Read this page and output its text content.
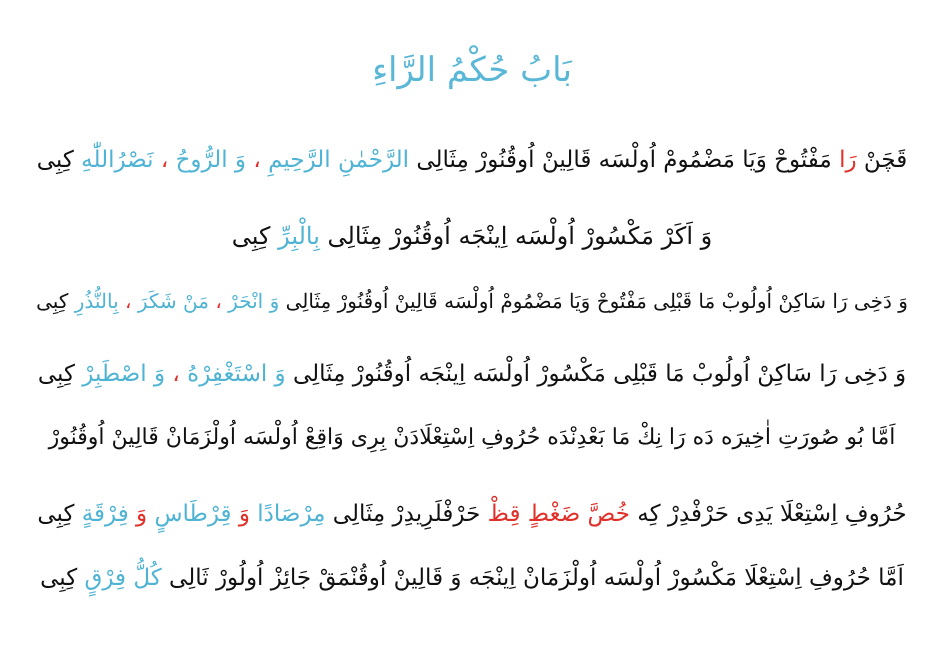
بَابُ حُكْمُ الرَّاءِ
قَچَنْ رَا مَفْتُوحْ وَيَا مَضْمُومْ اُولْسَه قَالِينْ اُوقُنُورْ مِثَالِى الرَّحْمٰنِ الرَّحِيمِ ، وَ الرُّوحُ ، نَصْرُاللّٰهِ كِبِى
وَ اَكَرْ مَكْسُورْ اُولْسَه اِينْجَه اُوقُنُورْ مِثَالِى بِالْبِرِّ كِبِى
وَ دَخِى رَا سَاكِنْ اُولُوبْ مَا قَبْلِى مَفْتُوحْ وَيَا مَضْمُومْ اُولْسَه قَالِينْ اُوقُنُورْ مِثَالِى وَ انْحَرْ ، مَنْ شَكَرَ ، بِالنُّذُرِ كِبِى
وَ دَخِى رَا سَاكِنْ اُولُوبْ مَا قَبْلِى مَكْسُورْ اُولْسَه اِينْجَه اُوقُنُورْ مِثَالِى وَ اسْتَغْفِرْهُ ، وَ اصْطَبِرْ كِبِى
اَمَّا بُو صُورَتِ اٰخِيرَه دَه رَا نِكْ مَا بَعْدِنْدَه حُرُوفِ اِسْتِعْلَادَنْ بِرِى وَاقِعْ اُولْسَه اُولْزَمَانْ قَالِينْ اُوقُنُورْ
حُرُوفِ اِسْتِعْلَا يَدِى حَرْفْدِرْ كِه خُصَّ ضَغْطٍ قِظْ حَرْفْلَرِيدِرْ مِثَالِى مِرْصَادًا وَ قِرْطَاسٍ وَ فِرْقَةٍ كِبِى
اَمَّا حُرُوفِ اِسْتِعْلَا مَكْسُورْ اُولْسَه اُولْزَمَانْ اِينْجَه وَ قَالِينْ اُوقُنْمَقْ جَائِزْ اُولُورْ ثَالِى كُلُّ فِرْقٍ كِبِى
